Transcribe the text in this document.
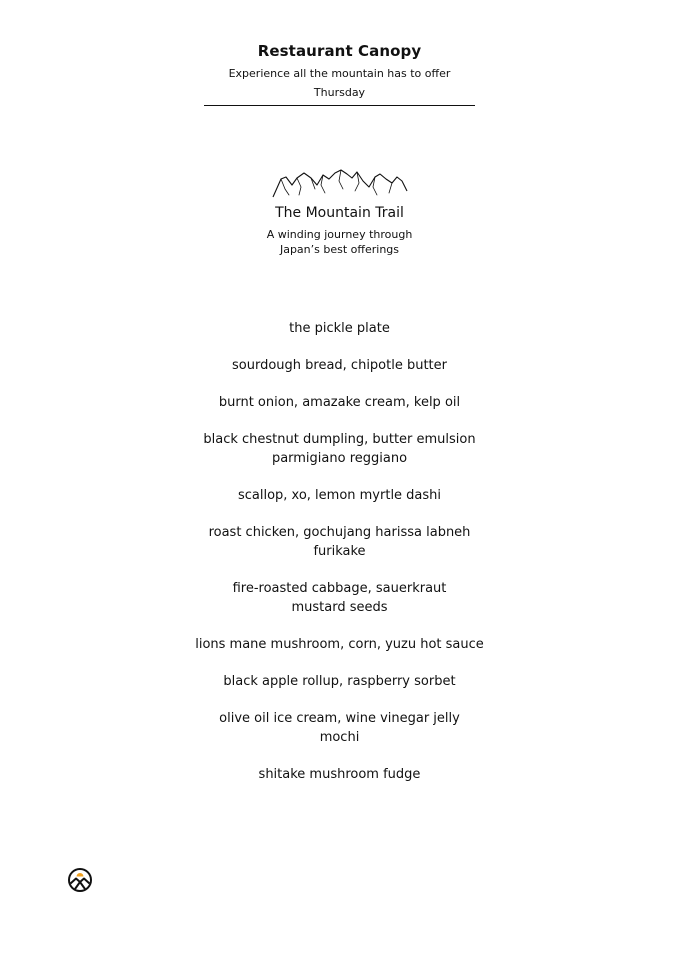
Restaurant Canopy
Experience all the mountain has to offer
Thursday
The Mountain Trail
A winding journey through
Japan’s best offerings
the pickle plate
sourdough bread, chipotle butter
burnt onion, amazake cream, kelp oil
black chestnut dumpling, butter emulsion
parmigiano reggiano
scallop, xo, lemon myrtle dashi
roast chicken, gochujang harissa labneh
furikake
fire-roasted cabbage, sauerkraut
mustard seeds
lions mane mushroom, corn, yuzu hot sauce
black apple rollup, raspberry sorbet
olive oil ice cream, wine vinegar jelly
mochi
shitake mushroom fudge
